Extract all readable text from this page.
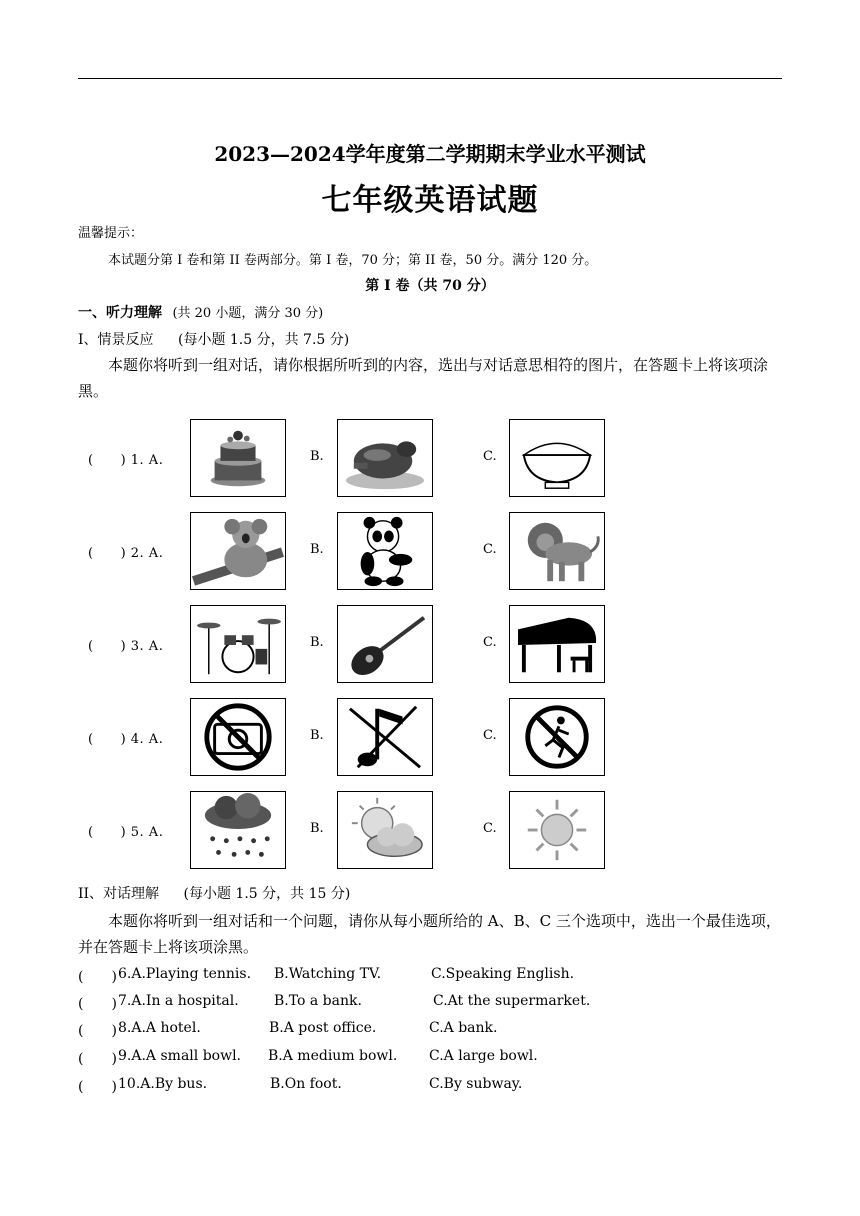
2023—2024学年度第二学期期末学业水平测试
七年级英语试题
温馨提示：
本试题分第 I 卷和第 II 卷两部分。第 I 卷，70 分；第 II 卷，50 分。满分 120 分。
第 I 卷（共 70 分）
一、听力理解 (共 20 小题，满分 30 分)
I、情景反应 (每小题 1.5 分，共 7.5 分)
本题你将听到一组对话，请你根据所听到的内容，选出与对话意思相符的图片，在答题卡上将该项涂黑。
(　　) 1. A.	B.	C.
(　　) 2. A.	B.	C.
(　　) 3. A.	B.	C.
(　　) 4. A.	B.	C.
(　　) 5. A.	B.	C.
II、对话理解 (每小题 1.5 分，共 15 分)
本题你将听到一组对话和一个问题，请你从每小题所给的 A、B、C 三个选项中，选出一个最佳选项，并在答题卡上将该项涂黑。
(　　) 6.A.Playing tennis. B.Watching TV.	C.Speaking English.
(　　) 7.A.In a hospital.	B.To a bank.	C.At the supermarket.
(　　) 8.A.A hotel.	B.A post office.	C.A bank.
(　　) 9.A.A small bowl. B.A medium bowl. C.A large bowl.
(　　) 10.A.By bus.	B.On foot.	C.By subway.
